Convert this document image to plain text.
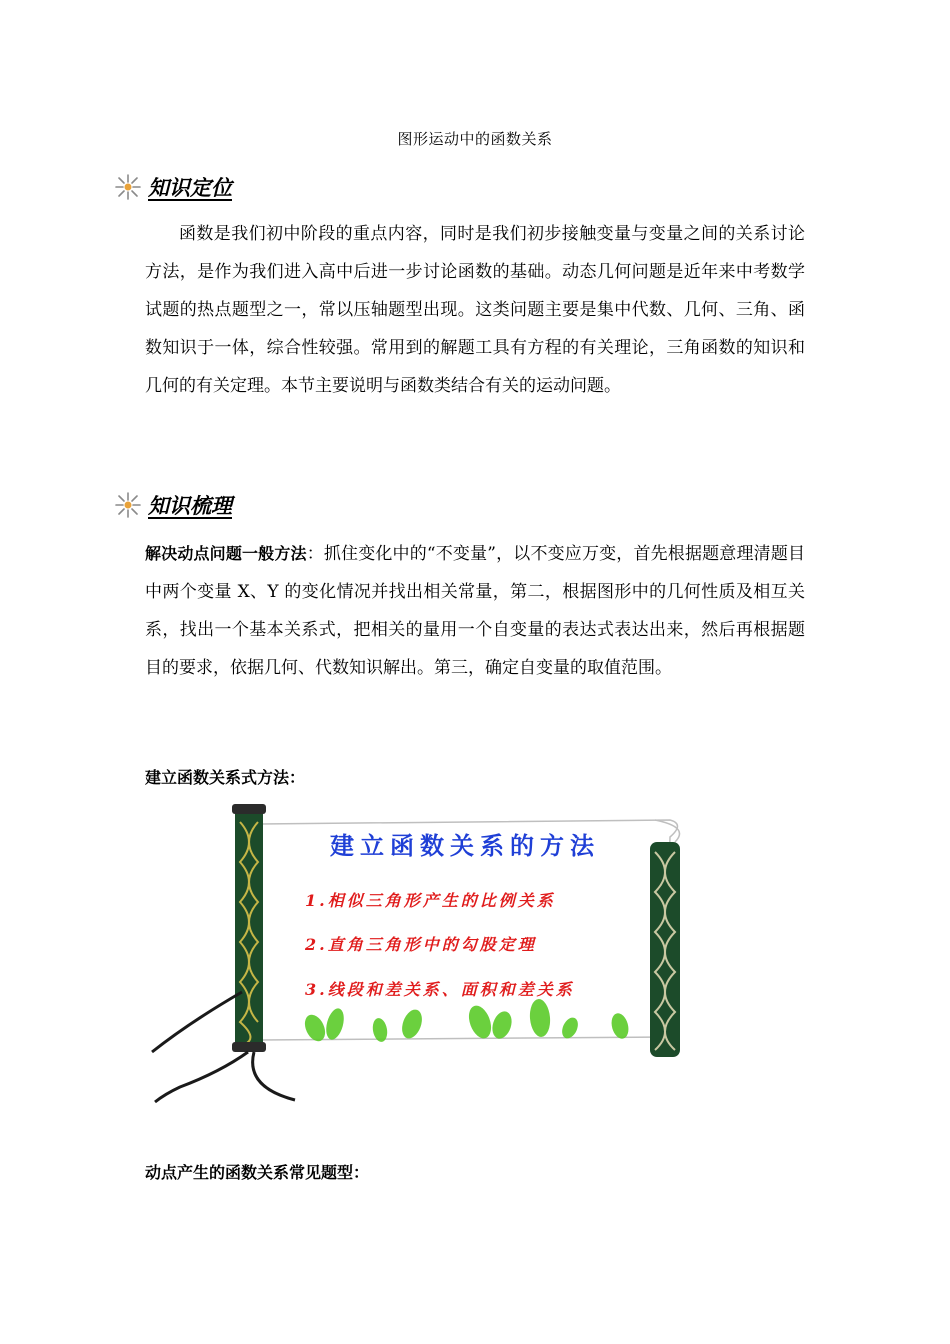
图形运动中的函数关系
知识定位

函数是我们初中阶段的重点内容，同时是我们初步接触变量与变量之间的关系讨论方法，是作为我们进入高中后进一步讨论函数的基础。动态几何问题是近年来中考数学试题的热点题型之一，常以压轴题型出现。这类问题主要是集中代数、几何、三角、函数知识于一体，综合性较强。常用到的解题工具有方程的有关理论，三角函数的知识和几何的有关定理。本节主要说明与函数类结合有关的运动问题。

知识梳理

解决动点问题一般方法：抓住变化中的“不变量”，以不变应万变，首先根据题意理清题目中两个变量 X、Y 的变化情况并找出相关常量，第二，根据图形中的几何性质及相互关系，找出一个基本关系式，把相关的量用一个自变量的表达式表达出来，然后再根据题目的要求，依据几何、代数知识解出。第三，确定自变量的取值范围。

建立函数关系式方法：
建立函数关系的方法
1.相似三角形产生的比例关系
2.直角三角形中的勾股定理
3.线段和差关系、面积和差关系
动点产生的函数关系常见题型：
